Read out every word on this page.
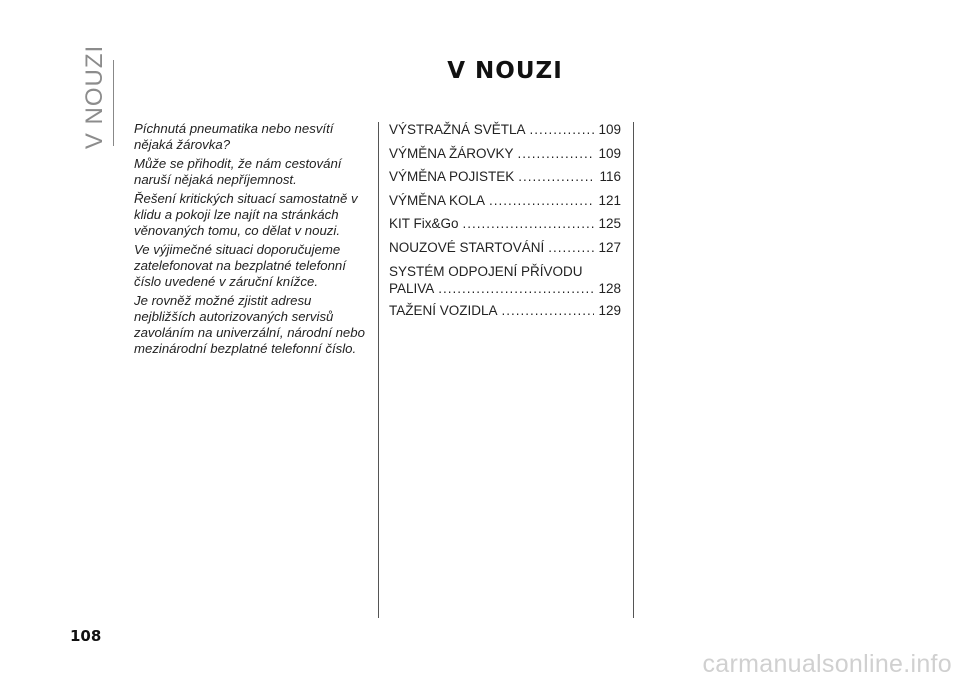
V NOUZI	V NOUZI

Píchnutá pneumatika nebo nesvítí nějaká žárovka?

Může se přihodit, že nám cestování naruší nějaká nepříjemnost.

Řešení kritických situací samostatně v klidu a pokoji lze najít na stránkách věnovaných tomu, co dělat v nouzi.

Ve výjimečné situaci doporučujeme zatelefonovat na bezplatné telefonní číslo uvedené v záruční knížce.

Je rovněž možné zjistit adresu nejbližších autorizovaných servisů zavoláním na univerzální, národní nebo mezinárodní bezplatné telefonní číslo.

VÝSTRAŽNÁ SVĚTLA .....	109
VÝMĚNA ŽÁROVKY .....	109
VÝMĚNA POJISTEK .....	116
VÝMĚNA KOLA .....	121
KIT Fix&Go .....	125
NOUZOVÉ STARTOVÁNÍ .....	127
SYSTÉM ODPOJENÍ PŘÍVODU
PALIVA .....	128
TAŽENÍ VOZIDLA .....	129
108
carmanualsonline.info
